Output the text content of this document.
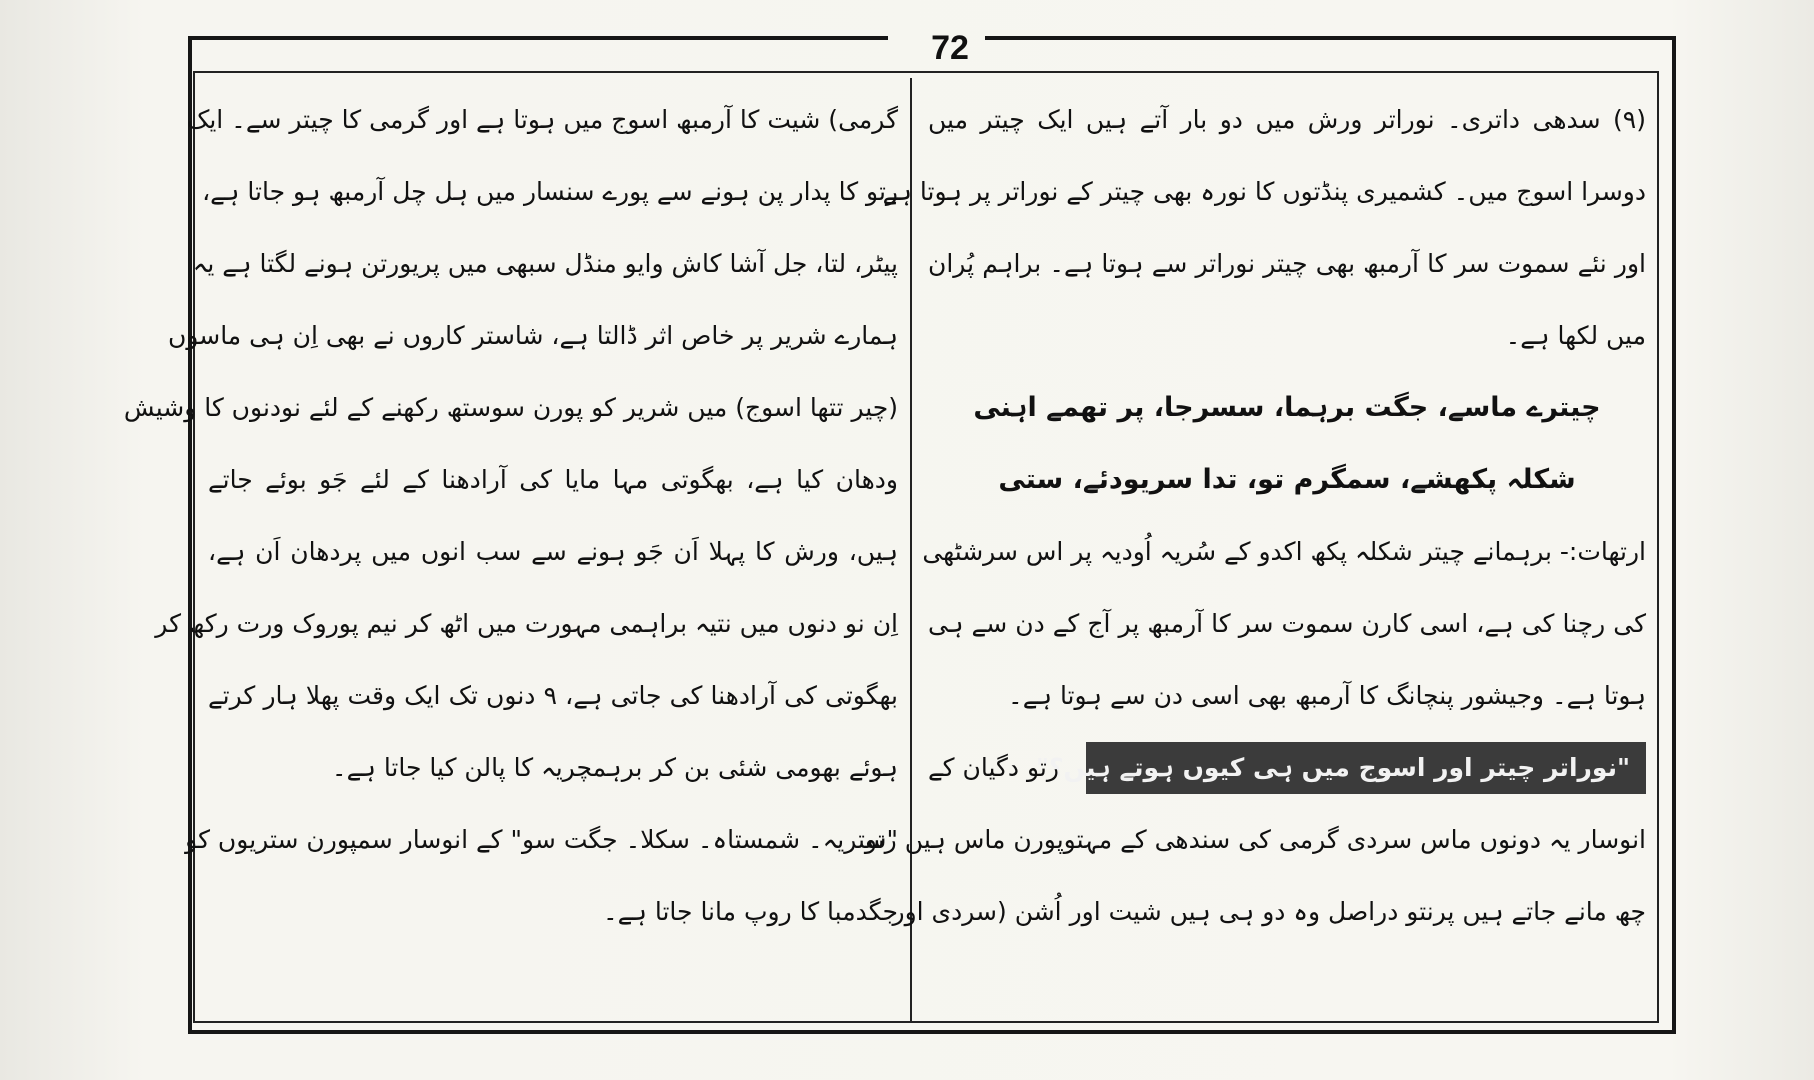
72
(۹) سدھی داتری۔ نوراتر ورش میں دو بار آتے ہیں ایک چیتر میں
دوسرا اسوج میں۔ کشمیری پنڈتوں کا نورہ بھی چیتر کے نوراتر پر ہوتا ہے
اور نئے سموت سر کا آرمبھ بھی چیتر نوراتر سے ہوتا ہے۔ براہم پُران
میں لکھا ہے۔
چیترے ماسے، جگت برہما، سسرجا، پر تھمے اہنی
شکلہ پکھشے، سمگرم تو، تدا سریودئے، ستی
ارتھات:- برہمانے چیتر شکلہ پکھ اکدو کے سُریہ اُودیہ پر اس سرشٹھی
کی رچنا کی ہے، اسی کارن سموت سر کا آرمبھ پر آج کے دن سے ہی
ہوتا ہے۔ وجیشور پنچانگ کا آرمبھ بھی اسی دن سے ہوتا ہے۔
"نوراتر چیتر اور اسوج میں ہی کیوں ہوتے ہیں؟"
رتو دگیان کے
انوسار یہ دونوں ماس سردی گرمی کی سندھی کے مہتوپورن ماس ہیں رتو
چھ مانے جاتے ہیں پرنتو دراصل وہ دو ہی ہیں شیت اور اُشن (سردی اور
گرمی) شیت کا آرمبھ اسوج میں ہوتا ہے اور گرمی کا چیتر سے۔ ایک
رتو کا پدار پن ہونے سے پورے سنسار میں ہل چل آرمبھ ہو جاتا ہے،
پیٹر، لتا، جل آشا کاش وایو منڈل سبھی میں پریورتن ہونے لگتا ہے یہ
ہمارے شریر پر خاص اثر ڈالتا ہے، شاستر کاروں نے بھی اِن ہی ماسوں
(چیر تتھا اسوج) میں شریر کو پورن سوستھ رکھنے کے لئے نودنوں کا وشیش
ودھان کیا ہے، بھگوتی مہا مایا کی آرادھنا کے لئے جَو بوئے جاتے
ہیں، ورش کا پہلا اَن جَو ہونے سے سب انوں میں پردھان اَن ہے،
اِن نو دنوں میں نتیہ براہمی مہورت میں اٹھ کر نیم پوروک ورت رکھ کر
بھگوتی کی آرادھنا کی جاتی ہے، ۹ دنوں تک ایک وقت پھلا ہار کرتے
ہوئے بھومی شئی بن کر برہمچریہ کا پالن کیا جاتا ہے۔
"ستریہ۔ شمستاہ۔ سکلا۔ جگت سو" کے انوسار سمپورن ستریوں کو
جگدمبا کا روپ مانا جاتا ہے۔
